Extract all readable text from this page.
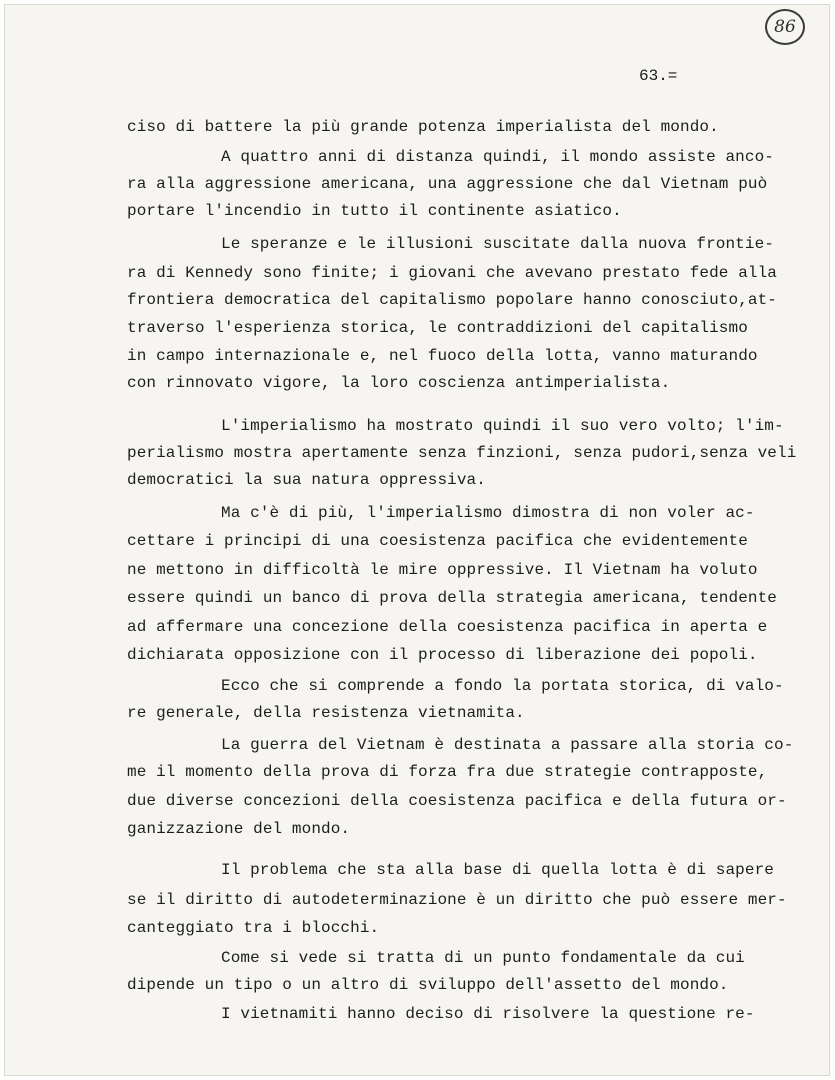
86
63.=
ciso di battere la più grande potenza imperialista del mondo.
A quattro anni di distanza quindi, il mondo assiste anco-
ra alla aggressione americana, una aggressione che dal Vietnam può
portare l'incendio in tutto il continente asiatico.
Le speranze e le illusioni suscitate dalla nuova frontie-
ra di Kennedy sono finite; i giovani che avevano prestato fede alla
frontiera democratica del capitalismo popolare hanno conosciuto,at-
traverso l'esperienza storica, le contraddizioni del capitalismo
in campo internazionale e, nel fuoco della lotta, vanno maturando
con rinnovato vigore, la loro coscienza antimperialista.
L'imperialismo ha mostrato quindi il suo vero volto; l'im-
perialismo mostra apertamente senza finzioni, senza pudori,senza veli
democratici la sua natura oppressiva.
Ma c'è di più, l'imperialismo dimostra di non voler ac-
cettare i principi di una coesistenza pacifica che evidentemente
ne mettono in difficoltà le mire oppressive. Il Vietnam ha voluto
essere quindi un banco di prova della strategia americana, tendente
ad affermare una concezione della coesistenza pacifica in aperta e
dichiarata opposizione con il processo di liberazione dei popoli.
Ecco che si comprende a fondo la portata storica, di valo-
re generale, della resistenza vietnamita.
La guerra del Vietnam è destinata a passare alla storia co-
me il momento della prova di forza fra due strategie contrapposte,
due diverse concezioni della coesistenza pacifica e della futura or-
ganizzazione del mondo.
Il problema che sta alla base di quella lotta è di sapere
se il diritto di autodeterminazione è un diritto che può essere mer-
canteggiato tra i blocchi.
Come si vede si tratta di un punto fondamentale da cui
dipende un tipo o un altro di sviluppo dell'assetto del mondo.
I vietnamiti hanno deciso di risolvere la questione re-
